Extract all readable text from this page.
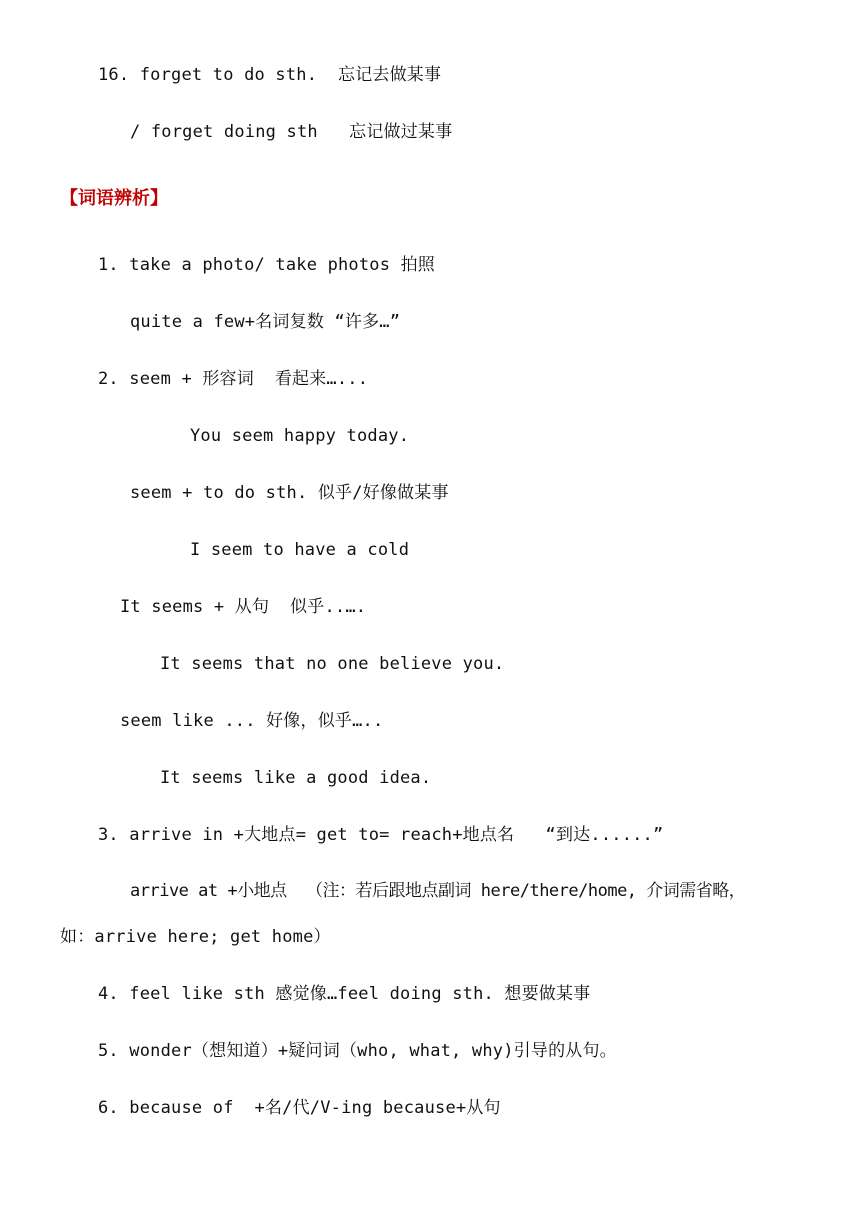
16. forget to do sth.  忘记去做某事
/ forget doing sth   忘记做过某事
【词语辨析】
1. take a photo/ take photos 拍照
quite a few+名词复数 “许多…”
2. seem + 形容词  看起来…...
You seem happy today.
seem + to do sth. 似乎/好像做某事
I seem to have a cold
It seems + 从句  似乎..….
It seems that no one believe you.
seem like ... 好像，似乎…..
It seems like a good idea.
3. arrive in +大地点= get to= reach+地点名   “到达......”
arrive at +小地点  （注：若后跟地点副词 here/there/home, 介词需省略，
如：arrive here; get home）
4. feel like sth 感觉像…feel doing sth. 想要做某事
5. wonder（想知道）+疑问词（who, what, why)引导的从句。
6. because of  +名/代/V-ing because+从句
